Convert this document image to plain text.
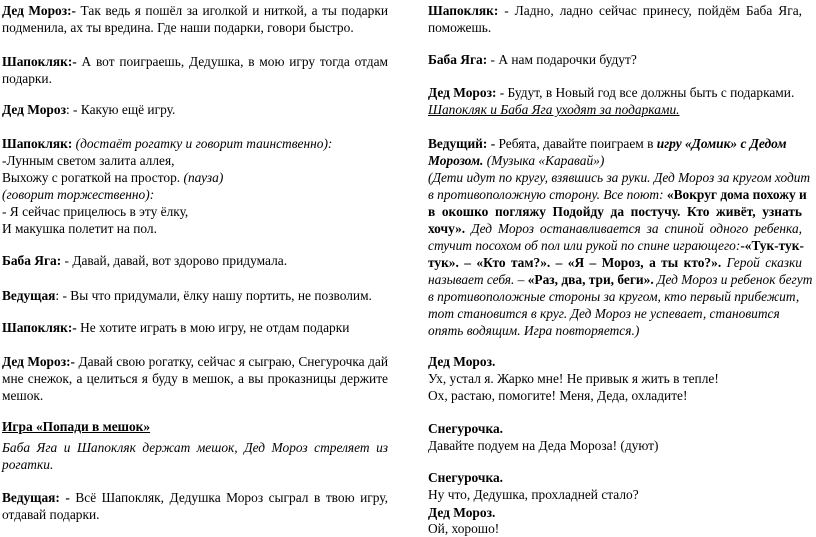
Дед Мороз:- Так ведь я пошёл за иголкой и ниткой, а ты подарки
подменила, ах ты вредина. Где наши подарки, говори быстро.
Шапокляк:- А вот поиграешь, Дедушка, в мою игру тогда отдам
подарки.
Дед Мороз: - Какую ещё игру.
Шапокляк: (достаёт рогатку и говорит таинственно):
-Лунным светом залита аллея,
Выхожу с рогаткой на простор. (пауза)
(говорит торжественно):
- Я сейчас прицелюсь в эту ёлку,
И макушка полетит на пол.
Баба Яга: - Давай, давай, вот здорово придумала.
Ведущая: - Вы что придумали, ёлку нашу портить, не позволим.
Шапокляк:- Не хотите играть в мою игру, не отдам подарки
Дед Мороз:- Давай свою рогатку, сейчас я сыграю, Снегурочка дай
мне снежок, а целиться я буду в мешок, а вы проказницы держите
мешок.
Игра «Попади в мешок»
Баба Яга и Шапокляк держат мешок, Дед Мороз стреляет из
рогатки.
Ведущая: - Всё Шапокляк, Дедушка Мороз сыграл в твою игру,
отдавай подарки.
Шапокляк: - Ладно, ладно сейчас принесу, пойдём Баба Яга,
поможешь.
Баба Яга: - А нам подарочки будут?
Дед Мороз: - Будут, в Новый год все должны быть с подарками.
Шапокляк и Баба Яга уходят за подарками.
Ведущий: - Ребята, давайте поиграем в игру «Домик» с Дедом
Морозом. (Музыка «Каравай»)
(Дети идут по кругу, взявшись за руки. Дед Мороз за кругом ходит
в противоположную сторону. Все поют: «Вокруг дома похожу и
в окошко погляжу Подойду да постучу. Кто живёт, узнать
хочу». Дед Мороз останавливается за спиной одного ребенка,
стучит посохом об пол или рукой по спине играющего:-«Тук-тук-
тук». – «Кто там?». – «Я – Мороз, а ты кто?». Герой сказки
называет себя. – «Раз, два, три, беги». Дед Мороз и ребенок бегут
в противоположные стороны за кругом, кто первый прибежит,
тот становится в круг. Дед Мороз не успевает, становится
опять водящим. Игра повторяется.)
Дед Мороз.
Ух, устал я. Жарко мне! Не привык я жить в тепле!
Ох, растаю, помогите! Меня, Деда, охладите!
Снегурочка.
Давайте подуем на Деда Мороза! (дуют)
Снегурочка.
Ну что, Дедушка, прохладней стало?
Дед Мороз.
Ой, хорошо!
